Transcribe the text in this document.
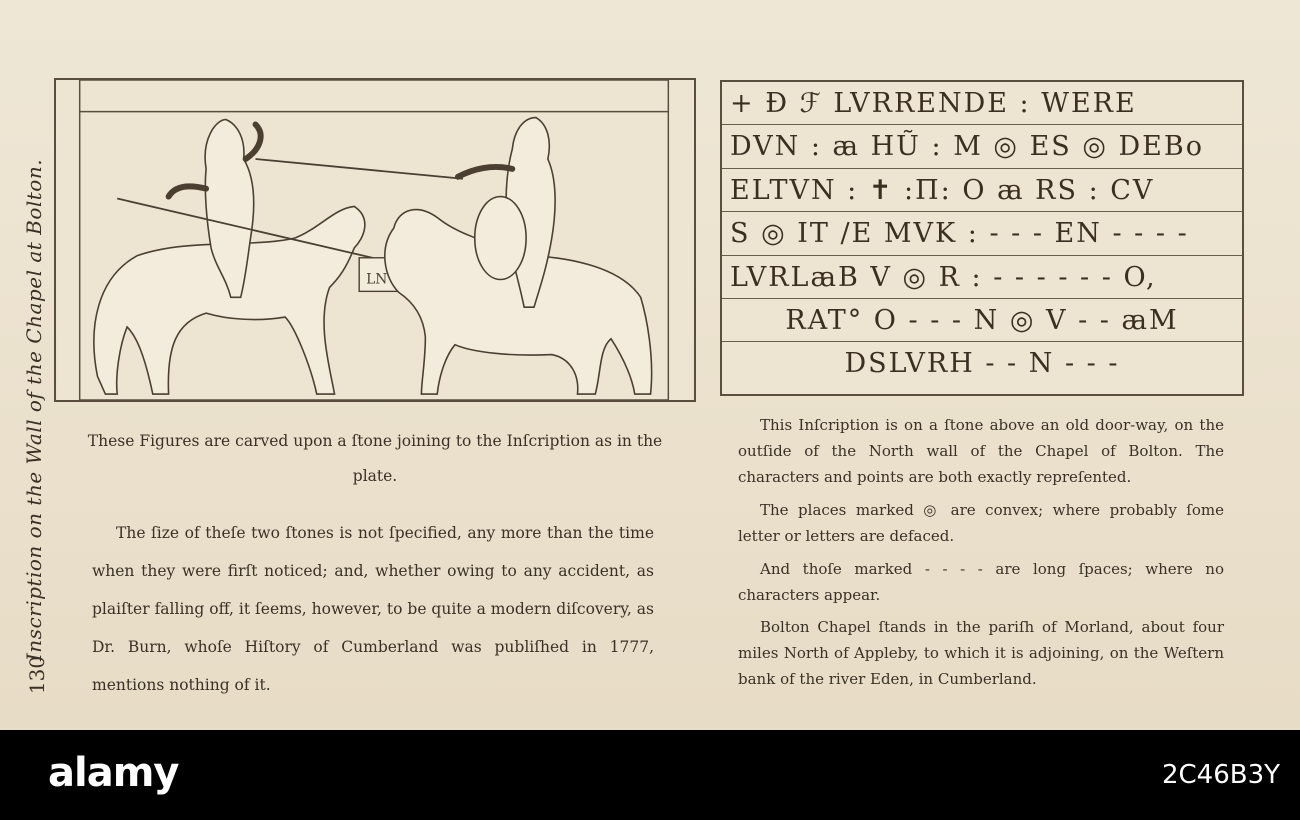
Inscription on the Wall of the Chapel at Bolton.
130
LN
+ Đ ℱ LVRRENDE : WERE
DVN : ꜳ HŨ : M ◎ ES ◎ DEBo
ELTVN : ✝ :Π: O ꜳ RS : CV
S ◎ IT /E MVK : - - - EN - - - -
LVRLꜳB V ◎ R : - - - - - - O,
RAT° O - - - N ◎ V - - ꜳM
DSLVRH - - N - - -
These Figures are carved upon a ſtone joining to the Inſcription as in the plate.
The ſize of theſe two ſtones is not ſpecified, any more than the time when they were firſt noticed; and, whether owing to any accident, as plaiſter falling off, it ſeems, however, to be quite a modern diſcovery, as Dr. Burn, whoſe Hiſtory of Cumberland was publiſhed in 1777, mentions nothing of it.
This Inſcription is on a ſtone above an old door-way, on the outſide of the North wall of the Chapel of Bolton. The characters and points are both exactly repreſented.
The places marked ◎ are convex; where probably ſome letter or letters are defaced.
And thoſe marked ‐ ‐ ‐ ‐ are long ſpaces; where no characters appear.
Bolton Chapel ſtands in the pariſh of Morland, about four miles North of Appleby, to which it is adjoining, on the Weſtern bank of the river Eden, in Cumberland.
alamy	2C46B3Y
